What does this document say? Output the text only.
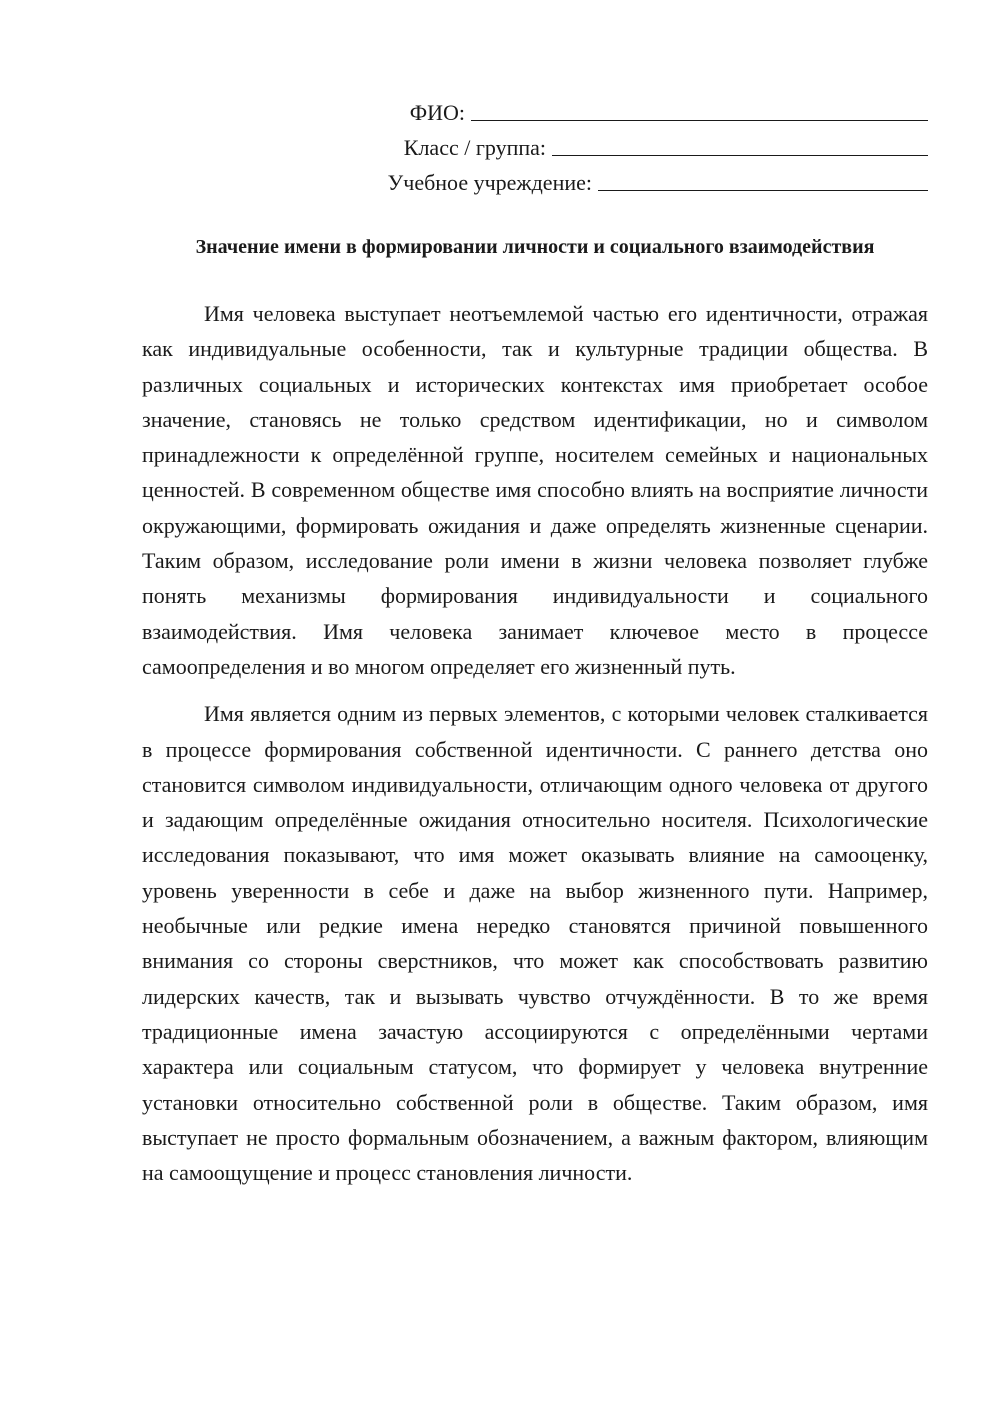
ФИО:
Класс / группа:
Учебное учреждение:
Значение имени в формировании личности и социального взаимодействия

Имя человека выступает неотъемлемой частью его идентичности, отражая как индивидуальные особенности, так и культурные традиции общества. В различных социальных и исторических контекстах имя приобретает особое значение, становясь не только средством идентификации, но и символом принадлежности к определённой группе, носителем семейных и национальных ценностей. В современном обществе имя способно влиять на восприятие личности окружающими, формировать ожидания и даже определять жизненные сценарии. Таким образом, исследование роли имени в жизни человека позволяет глубже понять механизмы формирования индивидуальности и социального взаимодействия. Имя человека занимает ключевое место в процессе самоопределения и во многом определяет его жизненный путь.

Имя является одним из первых элементов, с которыми человек сталкивается в процессе формирования собственной идентичности. С раннего детства оно становится символом индивидуальности, отличающим одного человека от другого и задающим определённые ожидания относительно носителя. Психологические исследования показывают, что имя может оказывать влияние на самооценку, уровень уверенности в себе и даже на выбор жизненного пути. Например, необычные или редкие имена нередко становятся причиной повышенного внимания со стороны сверстников, что может как способствовать развитию лидерских качеств, так и вызывать чувство отчуждённости. В то же время традиционные имена зачастую ассоциируются с определёнными чертами характера или социальным статусом, что формирует у человека внутренние установки относительно собственной роли в обществе. Таким образом, имя выступает не просто формальным обозначением, а важным фактором, влияющим на самоощущение и процесс становления личности.
